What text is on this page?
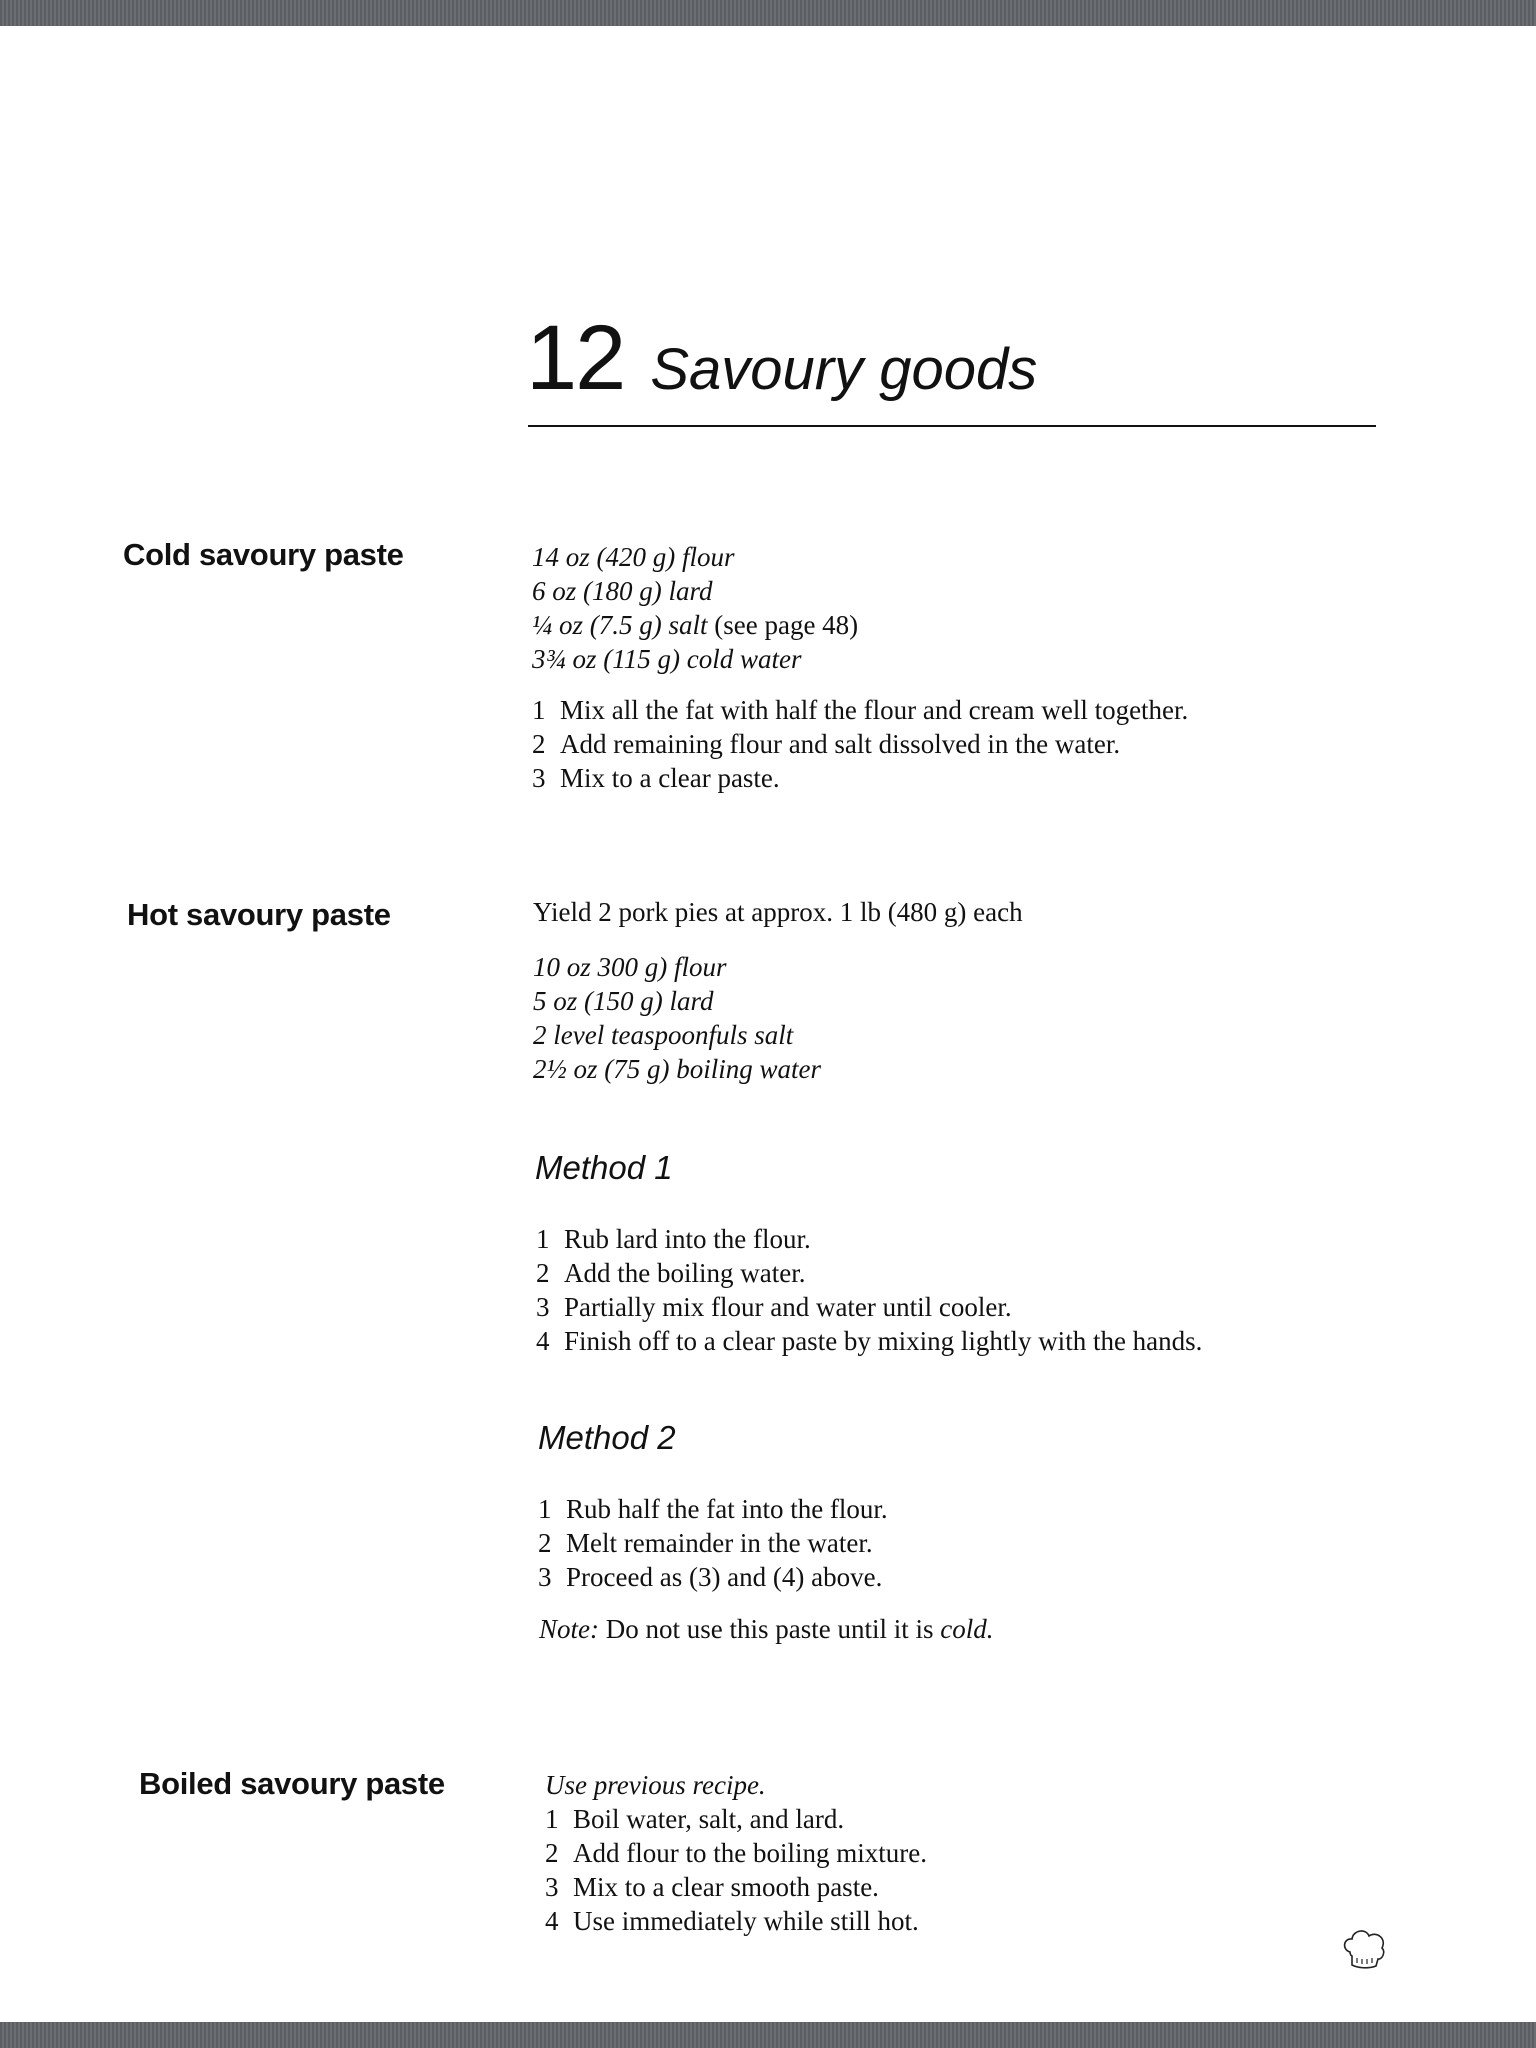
12 Savoury goods
Cold savoury paste	14 oz (420 g) flour
6 oz (180 g) lard
¼ oz (7.5 g) salt (see page 48)
3¾ oz (115 g) cold water
1 Mix all the fat with half the flour and cream well together.
2 Add remaining flour and salt dissolved in the water.
3 Mix to a clear paste.
Hot savoury paste	Yield 2 pork pies at approx. 1 lb (480 g) each
10 oz 300 g) flour
5 oz (150 g) lard
2 level teaspoonfuls salt
2½ oz (75 g) boiling water
Method 1
1 Rub lard into the flour.
2 Add the boiling water.
3 Partially mix flour and water until cooler.
4 Finish off to a clear paste by mixing lightly with the hands.
Method 2
1 Rub half the fat into the flour.
2 Melt remainder in the water.
3 Proceed as (3) and (4) above.
Note: Do not use this paste until it is cold.
Boiled savoury paste	Use previous recipe.
1 Boil water, salt, and lard.
2 Add flour to the boiling mixture.
3 Mix to a clear smooth paste.
4 Use immediately while still hot.
